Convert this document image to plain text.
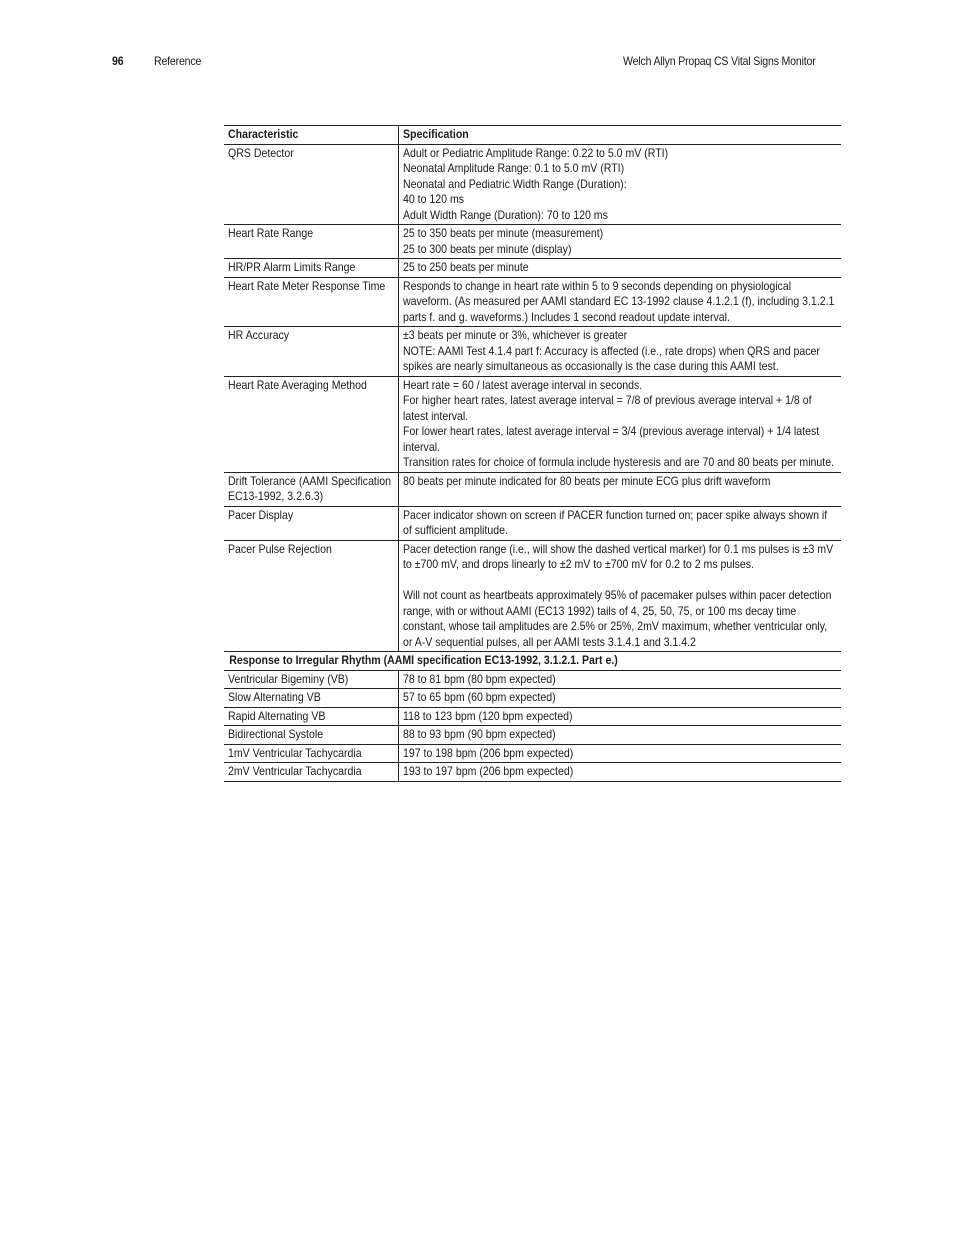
96	Reference	Welch Allyn Propaq CS Vital Signs Monitor
Characteristic	Specification

QRS Detector	Adult or Pediatric Amplitude Range: 0.22 to 5.0 mV (RTI)
Neonatal Amplitude Range: 0.1 to 5.0 mV (RTI)
Neonatal and Pediatric Width Range (Duration):
40 to 120 ms
Adult Width Range (Duration): 70 to 120 ms

Heart Rate Range	25 to 350 beats per minute (measurement)
25 to 300 beats per minute (display)

HR/PR Alarm Limits Range	25 to 250 beats per minute

Heart Rate Meter Response Time	Responds to change in heart rate within 5 to 9 seconds depending on physiological waveform. (As measured per AAMI standard EC 13-1992 clause 4.1.2.1 (f), including 3.1.2.1 parts f. and g. waveforms.) Includes 1 second readout update interval.

HR Accuracy	±3 beats per minute or 3%, whichever is greater
NOTE: AAMI Test 4.1.4 part f: Accuracy is affected (i.e., rate drops) when QRS and pacer spikes are nearly simultaneous as occasionally is the case during this AAMI test.

Heart Rate Averaging Method	Heart rate = 60 / latest average interval in seconds.
For higher heart rates, latest average interval = 7/8 of previous average interval + 1/8 of latest interval.
For lower heart rates, latest average interval = 3/4 (previous average interval) + 1/4 latest interval.
Transition rates for choice of formula include hysteresis and are 70 and 80 beats per minute.

Drift Tolerance (AAMI Specification EC13-1992, 3.2.6.3)	80 beats per minute indicated for 80 beats per minute ECG plus drift waveform

Pacer Display	Pacer indicator shown on screen if PACER function turned on; pacer spike always shown if of sufficient amplitude.

Pacer Pulse Rejection	Pacer detection range (i.e., will show the dashed vertical marker) for 0.1 ms pulses is ±3 mV to ±700 mV, and drops linearly to ±2 mV to ±700 mV for 0.2 to 2 ms pulses.
Will not count as heartbeats approximately 95% of pacemaker pulses within pacer detection range, with or without AAMI (EC13 1992) tails of 4, 25, 50, 75, or 100 ms decay time constant, whose tail amplitudes are 2.5% or 25%, 2mV maximum, whether ventricular only, or A-V sequential pulses, all per AAMI tests 3.1.4.1 and 3.1.4.2

Response to Irregular Rhythm (AAMI specification EC13-1992, 3.1.2.1. Part e.)	

Ventricular Bigeminy (VB)	78 to 81 bpm (80 bpm expected)

Slow Alternating VB	57 to 65 bpm (60 bpm expected)

Rapid Alternating VB	118 to 123 bpm (120 bpm expected)

Bidirectional Systole	88 to 93 bpm (90 bpm expected)

1mV Ventricular Tachycardia	197 to 198 bpm (206 bpm expected)

2mV Ventricular Tachycardia	193 to 197 bpm (206 bpm expected)
